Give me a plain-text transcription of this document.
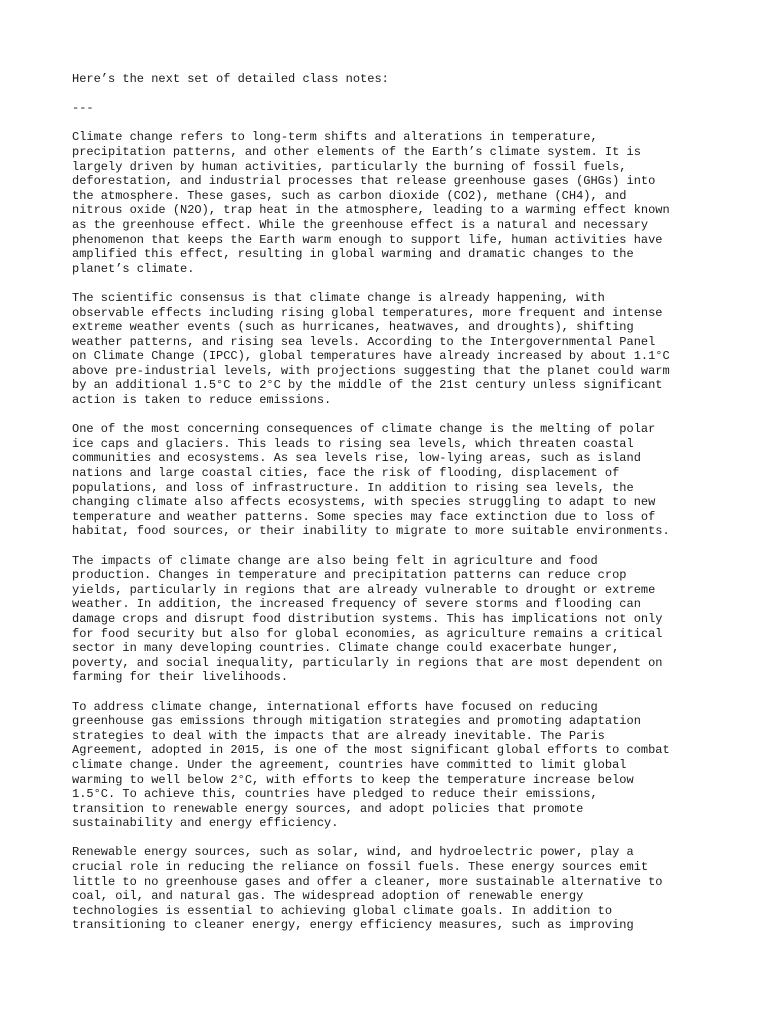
Here’s the next set of detailed class notes:

---

Climate change refers to long-term shifts and alterations in temperature,

precipitation patterns, and other elements of the Earth’s climate system. It is

largely driven by human activities, particularly the burning of fossil fuels,

deforestation, and industrial processes that release greenhouse gases (GHGs) into

the atmosphere. These gases, such as carbon dioxide (CO2), methane (CH4), and

nitrous oxide (N2O), trap heat in the atmosphere, leading to a warming effect known

as the greenhouse effect. While the greenhouse effect is a natural and necessary

phenomenon that keeps the Earth warm enough to support life, human activities have

amplified this effect, resulting in global warming and dramatic changes to the

planet’s climate.

The scientific consensus is that climate change is already happening, with

observable effects including rising global temperatures, more frequent and intense

extreme weather events (such as hurricanes, heatwaves, and droughts), shifting

weather patterns, and rising sea levels. According to the Intergovernmental Panel

on Climate Change (IPCC), global temperatures have already increased by about 1.1°C

above pre-industrial levels, with projections suggesting that the planet could warm

by an additional 1.5°C to 2°C by the middle of the 21st century unless significant

action is taken to reduce emissions.

One of the most concerning consequences of climate change is the melting of polar

ice caps and glaciers. This leads to rising sea levels, which threaten coastal

communities and ecosystems. As sea levels rise, low-lying areas, such as island

nations and large coastal cities, face the risk of flooding, displacement of

populations, and loss of infrastructure. In addition to rising sea levels, the

changing climate also affects ecosystems, with species struggling to adapt to new

temperature and weather patterns. Some species may face extinction due to loss of

habitat, food sources, or their inability to migrate to more suitable environments.

The impacts of climate change are also being felt in agriculture and food

production. Changes in temperature and precipitation patterns can reduce crop

yields, particularly in regions that are already vulnerable to drought or extreme

weather. In addition, the increased frequency of severe storms and flooding can

damage crops and disrupt food distribution systems. This has implications not only

for food security but also for global economies, as agriculture remains a critical

sector in many developing countries. Climate change could exacerbate hunger,

poverty, and social inequality, particularly in regions that are most dependent on

farming for their livelihoods.

To address climate change, international efforts have focused on reducing

greenhouse gas emissions through mitigation strategies and promoting adaptation

strategies to deal with the impacts that are already inevitable. The Paris

Agreement, adopted in 2015, is one of the most significant global efforts to combat

climate change. Under the agreement, countries have committed to limit global

warming to well below 2°C, with efforts to keep the temperature increase below

1.5°C. To achieve this, countries have pledged to reduce their emissions,

transition to renewable energy sources, and adopt policies that promote

sustainability and energy efficiency.

Renewable energy sources, such as solar, wind, and hydroelectric power, play a

crucial role in reducing the reliance on fossil fuels. These energy sources emit

little to no greenhouse gases and offer a cleaner, more sustainable alternative to

coal, oil, and natural gas. The widespread adoption of renewable energy

technologies is essential to achieving global climate goals. In addition to

transitioning to cleaner energy, energy efficiency measures, such as improving
